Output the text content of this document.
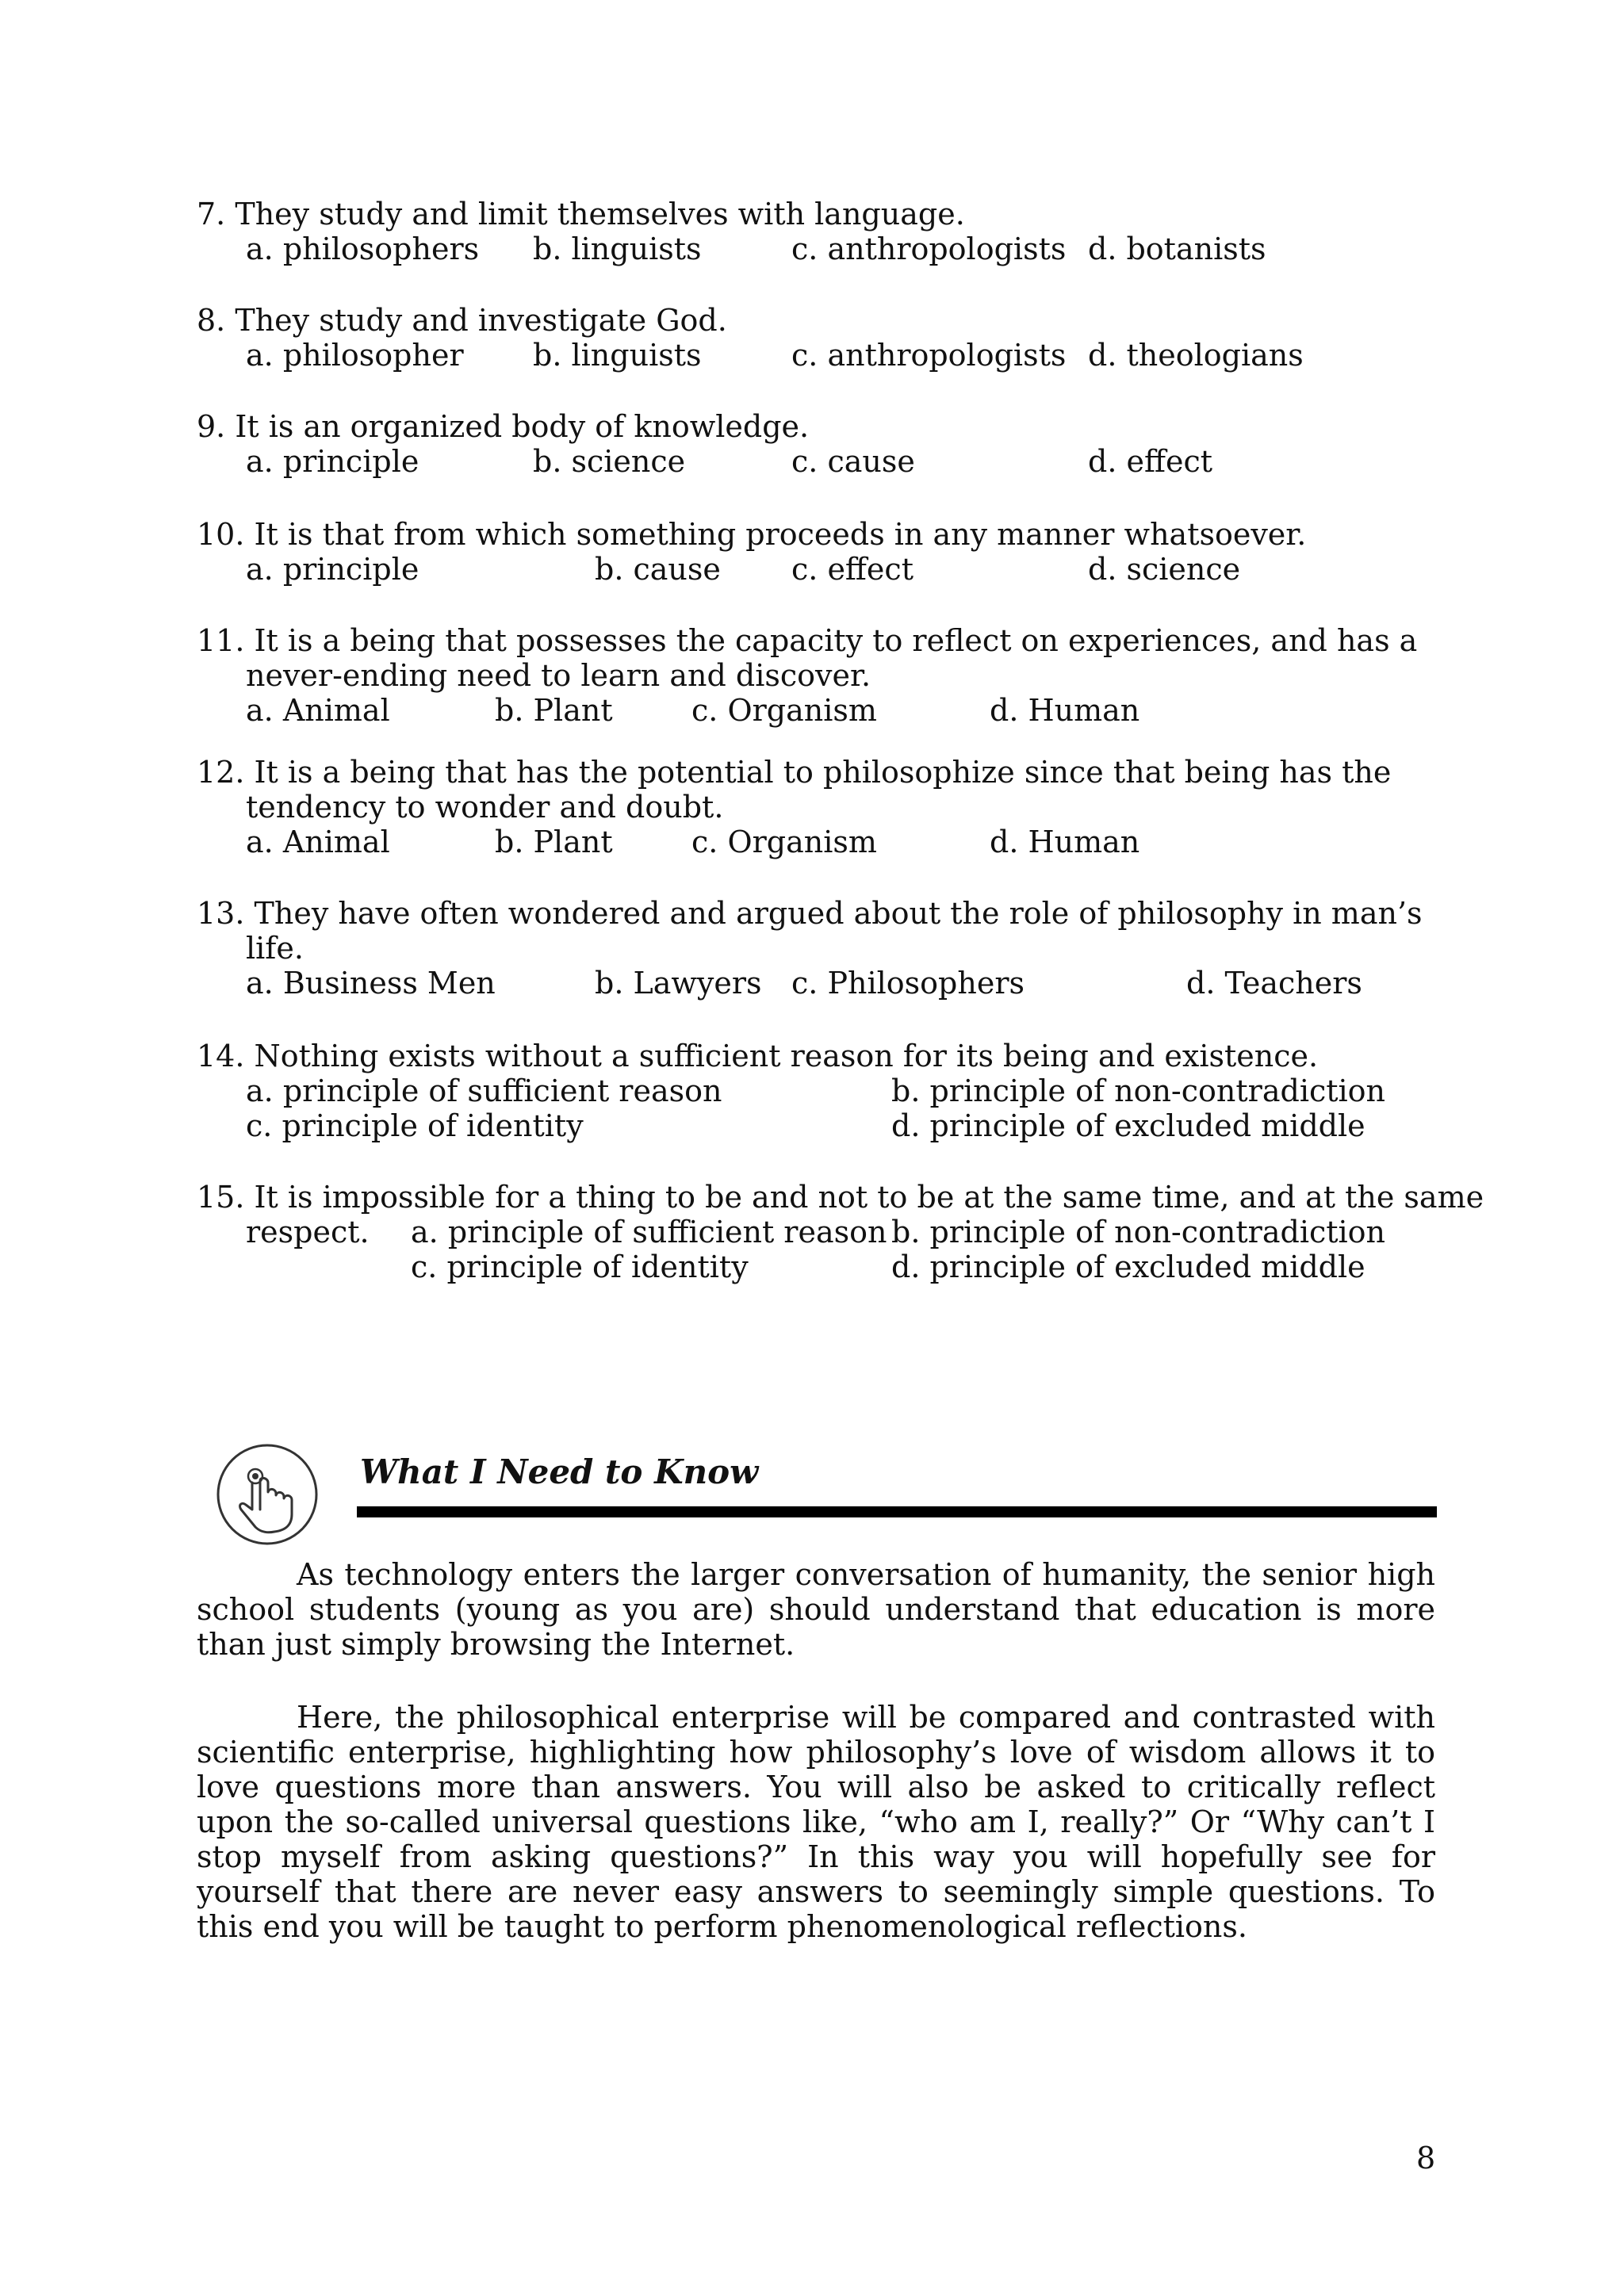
7. They study and limit themselves with language.
a. philosophers b. linguists	c. anthropologists d. botanists
8. They study and investigate God.
a. philosopher b. linguists	c. anthropologists d. theologians
9. It is an organized body of knowledge.
a. principle	b. science	c. cause	d. effect
10. It is that from which something proceeds in any manner whatsoever.
a. principle	b. cause c. effect	d. science
11. It is a being that possesses the capacity to reflect on experiences, and has a
never-ending need to learn and discover.
a. Animal	b. Plant	c. Organism	d. Human
12. It is a being that has the potential to philosophize since that being has the
tendency to wonder and doubt.
a. Animal	b. Plant	c. Organism	d. Human
13. They have often wondered and argued about the role of philosophy in man’s
life.
a. Business Men	b. Lawyers c. Philosophers	d. Teachers
14. Nothing exists without a sufficient reason for its being and existence.
a. principle of sufficient reason	b. principle of non-contradiction
c. principle of identity	d. principle of excluded middle
15. It is impossible for a thing to be and not to be at the same time, and at the same
respect. a. principle of sufficient reason b. principle of non-contradiction
c. principle of identity	d. principle of excluded middle
What I Need to Know

As technology enters the larger conversation of humanity, the senior high school students (young as you are) should understand that education is more than just simply browsing the Internet.

Here, the philosophical enterprise will be compared and contrasted with scientific enterprise, highlighting how philosophy’s love of wisdom allows it to love questions more than answers. You will also be asked to critically reflect upon the so-called universal questions like, “who am I, really?” Or “Why can’t I stop myself from asking questions?” In this way you will hopefully see for yourself that there are never easy answers to seemingly simple questions. To this end you will be taught to perform phenomenological reflections.

8
